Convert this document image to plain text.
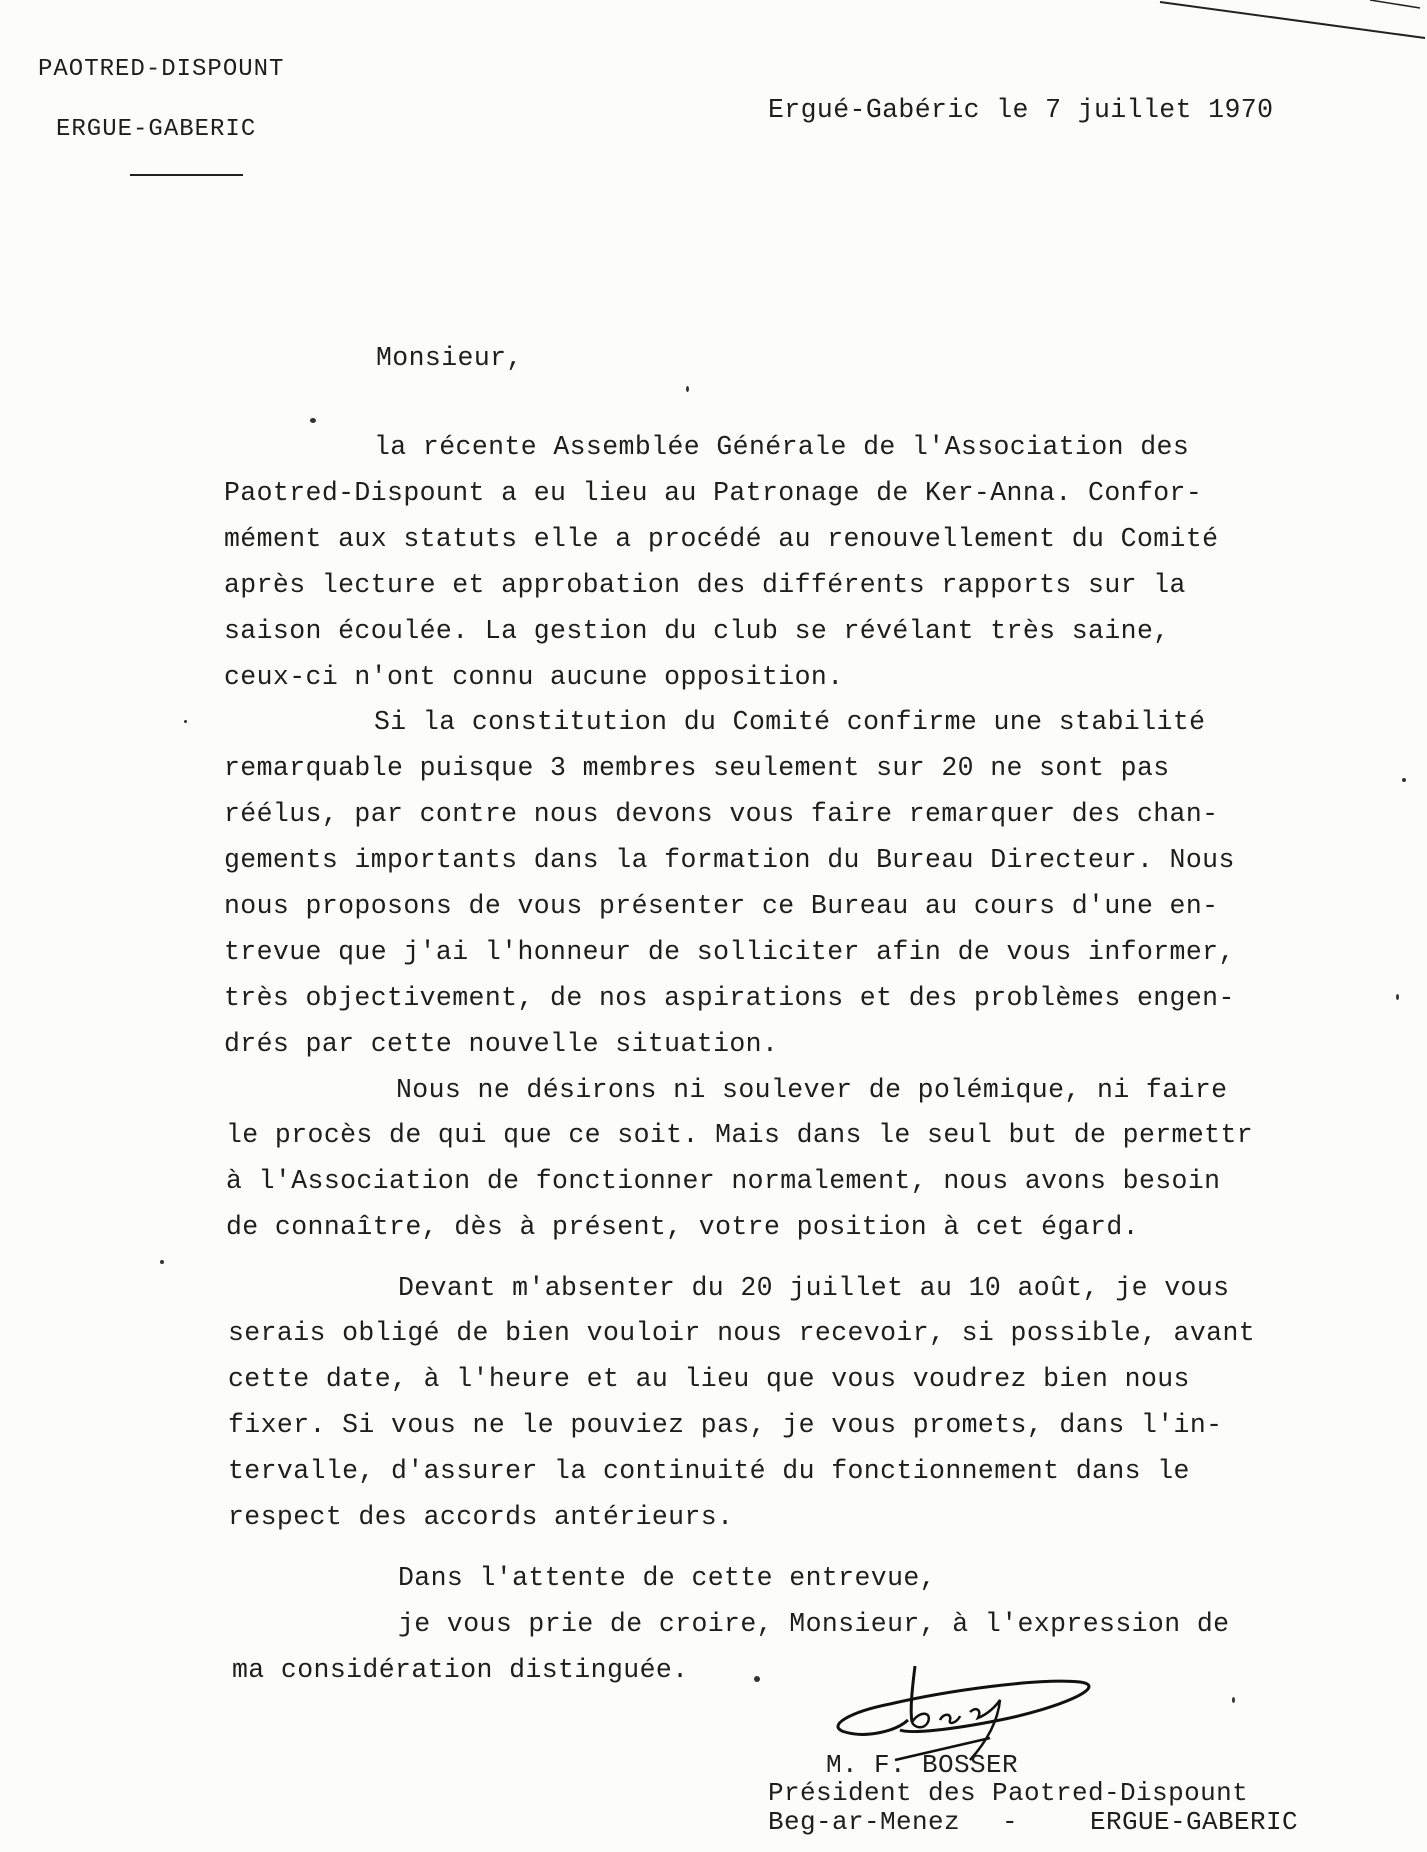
PAOTRED-DISPOUNT
ERGUE-GABERIC
Ergué-Gabéric le 7 juillet 1970
Monsieur,
la récente Assemblée Générale de l'Association des
Paotred-Dispount a eu lieu au Patronage de Ker-Anna. Confor-
mément aux statuts elle a procédé au renouvellement du Comité
après lecture et approbation des différents rapports sur la
saison écoulée. La gestion du club se révélant très saine,
ceux-ci n'ont connu aucune opposition.
Si la constitution du Comité confirme une stabilité
remarquable puisque 3 membres seulement sur 20 ne sont pas
réélus, par contre nous devons vous faire remarquer des chan-
gements importants dans la formation du Bureau Directeur. Nous
nous proposons de vous présenter ce Bureau au cours d'une en-
trevue que j'ai l'honneur de solliciter afin de vous informer,
très objectivement, de nos aspirations et des problèmes engen-
drés par cette nouvelle situation.
Nous ne désirons ni soulever de polémique, ni faire
le procès de qui que ce soit. Mais dans le seul but de permettr
à l'Association de fonctionner normalement, nous avons besoin
de connaître, dès à présent, votre position à cet égard.
Devant m'absenter du 20 juillet au 10 août, je vous
serais obligé de bien vouloir nous recevoir, si possible, avant
cette date, à l'heure et au lieu que vous voudrez bien nous
fixer. Si vous ne le pouviez pas, je vous promets, dans l'in-
tervalle, d'assurer la continuité du fonctionnement dans le
respect des accords antérieurs.
Dans l'attente de cette entrevue,
je vous prie de croire, Monsieur, à l'expression de
ma considération distinguée.
M. F. BOSSER
Président des Paotred-Dispount
Beg-ar-Menez -	ERGUE-GABERIC
